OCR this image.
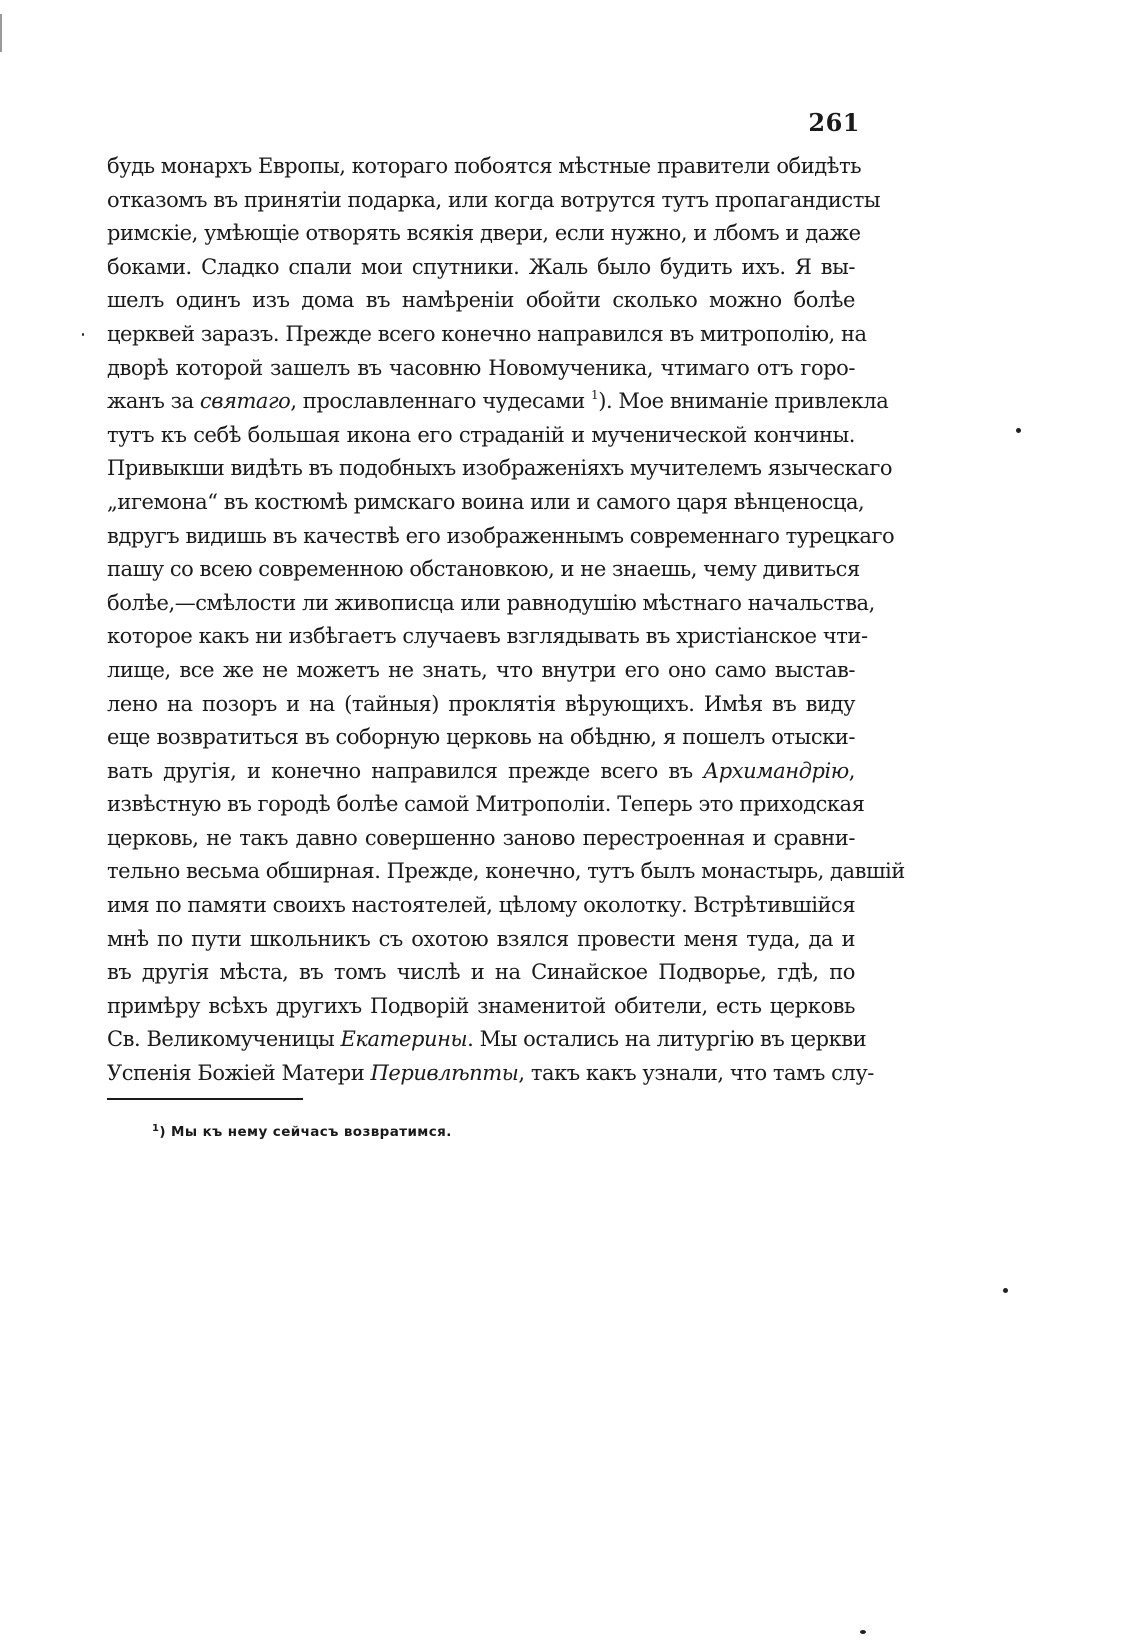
261
будь монархъ Европы, котораго побоятся мѣстные правители обидѣть
отказомъ въ принятіи подарка, или когда вотрутся тутъ пропагандисты
римскіе, умѣющіе отворять всякія двери, если нужно, и лбомъ и даже
боками. Сладко спали мои спутники. Жаль было будить ихъ. Я вы-
шелъ одинъ изъ дома въ намѣреніи обойти сколько можно болѣе
церквей заразъ. Прежде всего конечно направился въ митрополію, на
дворѣ которой зашелъ въ часовню Новомученика, чтимаго отъ горо-
жанъ за святаго, прославленнаго чудесами $^1$). Мое вниманіе привлекла
тутъ къ себѣ большая икона его страданій и мученической кончины.
Привыкши видѣть въ подобныхъ изображеніяхъ мучителемъ языческаго
„игемона“ въ костюмѣ римскаго воина или и самого царя вѣнценосца,
вдругъ видишь въ качествѣ его изображеннымъ современнаго турецкаго
пашу со всею современною обстановкою, и не знаешь, чему дивиться
болѣе,—смѣлости ли живописца или равнодушію мѣстнаго начальства,
которое какъ ни избѣгаетъ случаевъ взглядывать въ христіанское чти-
лище, все же не можетъ не знать, что внутри его оно само выстав-
лено на позоръ и на (тайныя) проклятія вѣрующихъ. Имѣя въ виду
еще возвратиться въ соборную церковь на обѣдню, я пошелъ отыски-
вать другія, и конечно направился прежде всего въ Архимандрію,
извѣстную въ городѣ болѣе самой Митрополіи. Теперь это приходская
церковь, не такъ давно совершенно заново перестроенная и сравни-
тельно весьма обширная. Прежде, конечно, тутъ былъ монастырь, давшій
имя по памяти своихъ настоятелей, цѣлому околотку. Встрѣтившійся
мнѣ по пути школьникъ съ охотою взялся провести меня туда, да и
въ другія мѣста, въ томъ числѣ и на Синайское Подворье, гдѣ, по
примѣру всѣхъ другихъ Подворій знаменитой обители, есть церковь
Св. Великомученицы Екатерины. Мы остались на литургію въ церкви
Успенія Божіей Матери Перивлѣпты, такъ какъ узнали, что тамъ слу-
$^1$) Мы къ нему сейчасъ возвратимся.
